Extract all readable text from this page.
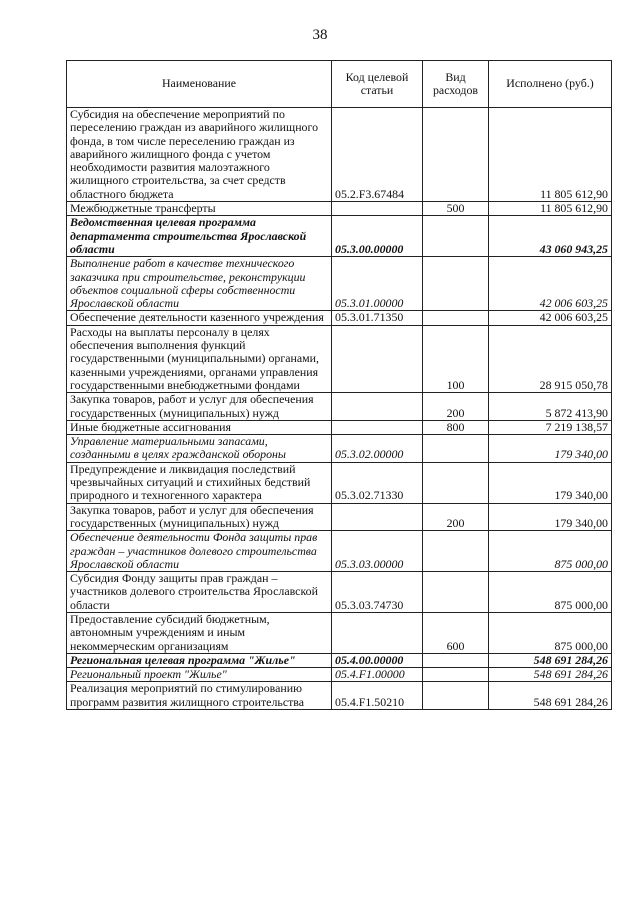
38
Наименование	Код целевой статьи	Вид расходов	Исполнено (руб.)
Субсидия на обеспечение мероприятий по переселению граждан из аварийного жилищного фонда, в том числе переселению граждан из аварийного жилищного фонда с учетом необходимости развития малоэтажного жилищного строительства, за счет средств областного бюджета	05.2.F3.67484		11 805 612,90
Межбюджетные трансферты		500	11 805 612,90
Ведомственная целевая программа департамента строительства Ярославской области	05.3.00.00000		43 060 943,25
Выполнение работ в качестве технического заказчика при строительстве, реконструкции объектов социальной сферы собственности Ярославской области	05.3.01.00000		42 006 603,25
Обеспечение деятельности казенного учреждения	05.3.01.71350		42 006 603,25
Расходы на выплаты персоналу в целях обеспечения выполнения функций государственными (муниципальными) органами, казенными учреждениями, органами управления государственными внебюджетными фондами		100	28 915 050,78
Закупка товаров, работ и услуг для обеспечения государственных (муниципальных) нужд		200	5 872 413,90
Иные бюджетные ассигнования		800	7 219 138,57
Управление материальными запасами, созданными в целях гражданской обороны	05.3.02.00000		179 340,00
Предупреждение и ликвидация последствий чрезвычайных ситуаций и стихийных бедствий природного и техногенного характера	05.3.02.71330		179 340,00
Закупка товаров, работ и услуг для обеспечения государственных (муниципальных) нужд		200	179 340,00
Обеспечение деятельности Фонда защиты прав граждан – участников долевого строительства Ярославской области	05.3.03.00000		875 000,00
Субсидия Фонду защиты прав граждан – участников долевого строительства Ярославской области	05.3.03.74730		875 000,00
Предоставление субсидий бюджетным, автономным учреждениям и иным некоммерческим организациям		600	875 000,00
Региональная целевая программа "Жилье"	05.4.00.00000		548 691 284,26
Региональный проект "Жилье"	05.4.F1.00000		548 691 284,26
Реализация мероприятий по стимулированию программ развития жилищного строительства	05.4.F1.50210		548 691 284,26
